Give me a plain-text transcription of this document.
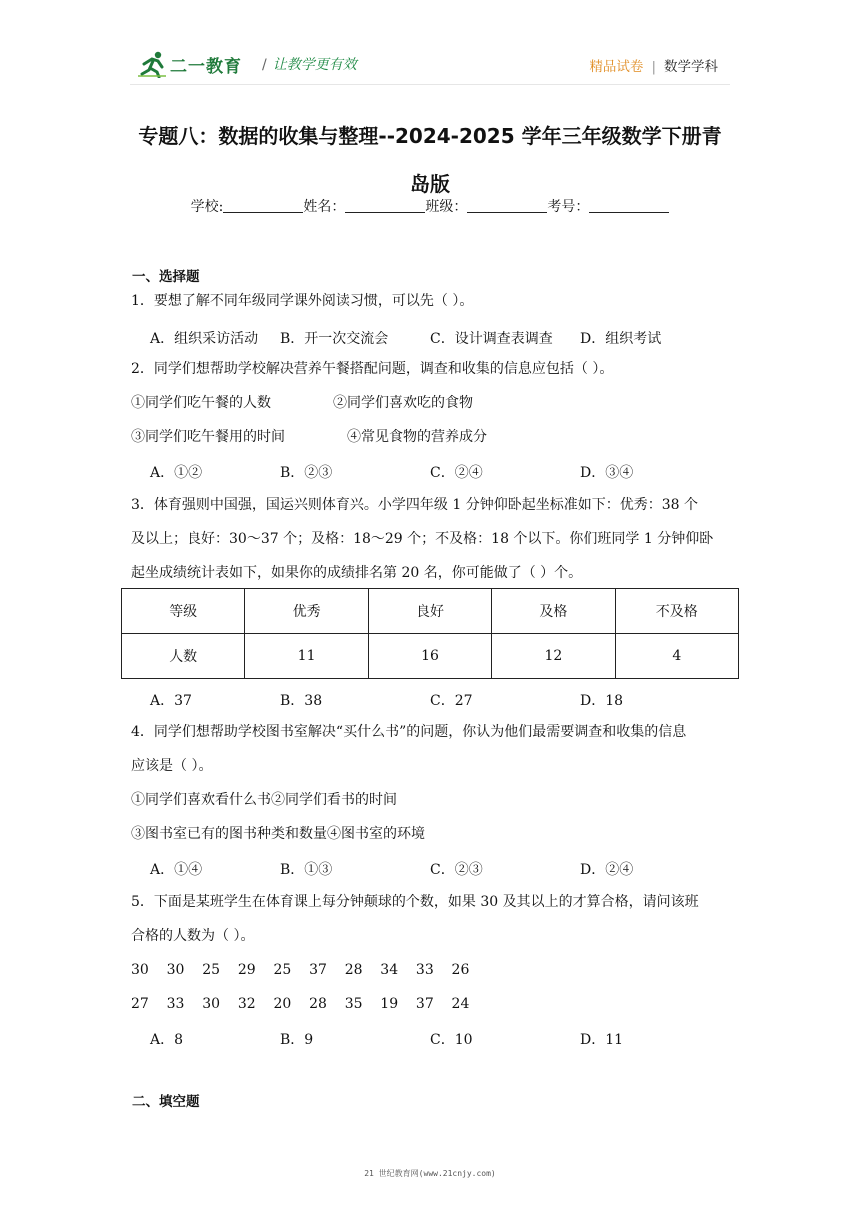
二一教育 / 让教学更有效	精品试卷 | 数学学科
专题八：数据的收集与整理--2024-2025 学年三年级数学下册青
岛版
学校:	姓名：	班级：	考号：
一、选择题
1．要想了解不同年级同学课外阅读习惯，可以先（ ）。
A．组织采访活动 B．开一次交流会	C．设计调查表调查 D．组织考试
2．同学们想帮助学校解决营养午餐搭配问题，调查和收集的信息应包括（ ）。
①同学们吃午餐的人数	②同学们喜欢吃的食物
③同学们吃午餐用的时间	④常见食物的营养成分
A．①②	B．②③	C．②④	D．③④
3．体育强则中国强，国运兴则体育兴。小学四年级 1 分钟仰卧起坐标准如下：优秀：38 个
及以上；良好：30～37 个；及格：18～29 个；不及格：18 个以下。你们班同学 1 分钟仰卧
起坐成绩统计表如下，如果你的成绩排名第 20 名，你可能做了（ ）个。
等级	优秀	良好	及格	不及格
人数	11	16	12	4
A．37	B．38	C．27	D．18
4．同学们想帮助学校图书室解决“买什么书”的问题，你认为他们最需要调查和收集的信息
应该是（ ）。
①同学们喜欢看什么书②同学们看书的时间
③图书室已有的图书种类和数量④图书室的环境
A．①④	B．①③	C．②③	D．②④
5．下面是某班学生在体育课上每分钟颠球的个数，如果 30 及其以上的才算合格，请问该班
合格的人数为（ ）。
30    30    25    29    25    37    28    34    33    26
27    33    30    32    20    28    35    19    37    24
A．8	B．9	C．10	D．11
二、填空题
21 世纪教育网(www.21cnjy.com)
